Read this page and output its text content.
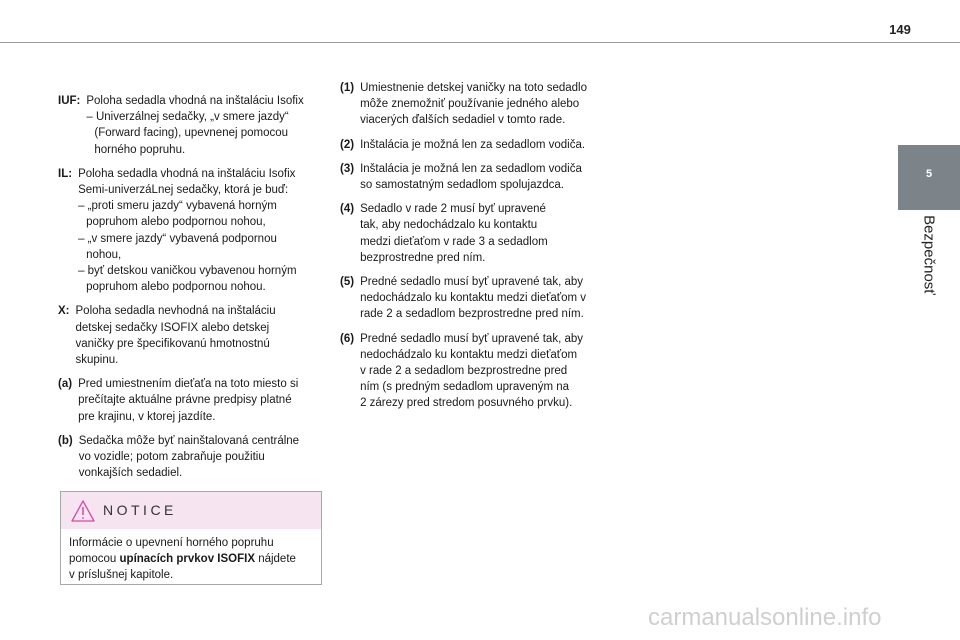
149
IUF: Poloha sedadla vhodná na inštaláciu Isofix
– Univerzálnej sedačky, „v smere jazdy“
(Forward facing), upevnenej pomocou
horného popruhu.
IL: Poloha sedadla vhodná na inštaláciu Isofix
Semi-univerzáLnej sedačky, ktorá je buď:
– „proti smeru jazdy“ vybavená horným
popruhom alebo podpornou nohou,
– „v smere jazdy“ vybavená podpornou
nohou,
– byť detskou vaničkou vybavenou horným
popruhom alebo podpornou nohou.
X: Poloha sedadla nevhodná na inštaláciu
detskej sedačky ISOFIX alebo detskej
vaničky pre špecifikovanú hmotnostnú
skupinu.
(a) Pred umiestnením dieťaťa na toto miesto si
prečítajte aktuálne právne predpisy platné
pre krajinu, v ktorej jazdíte.
(b) Sedačka môže byť nainštalovaná centrálne
vo vozidle; potom zabraňuje použitiu
vonkajších sedadiel.
NOTICE
Informácie o upevnení horného popruhu
pomocou upínacích prvkov ISOFIX nájdete
v príslušnej kapitole.
(1) Umiestnenie detskej vaničky na toto sedadlo
môže znemožniť používanie jedného alebo
viacerých ďalších sedadiel v tomto rade.
(2) Inštalácia je možná len za sedadlom vodiča.
(3) Inštalácia je možná len za sedadlom vodiča
so samostatným sedadlom spolujazdca.
(4) Sedadlo v rade 2 musí byť upravené
tak, aby nedochádzalo ku kontaktu
medzi dieťaťom v rade 3 a sedadlom
bezprostredne pred ním.
(5) Predné sedadlo musí byť upravené tak, aby
nedochádzalo ku kontaktu medzi dieťaťom v
rade 2 a sedadlom bezprostredne pred ním.
(6) Predné sedadlo musí byť upravené tak, aby
nedochádzalo ku kontaktu medzi dieťaťom
v rade 2 a sedadlom bezprostredne pred
ním (s predným sedadlom upraveným na
2 zárezy pred stredom posuvného prvku).
5
Bezpečnosť
carmanualsonline.info
